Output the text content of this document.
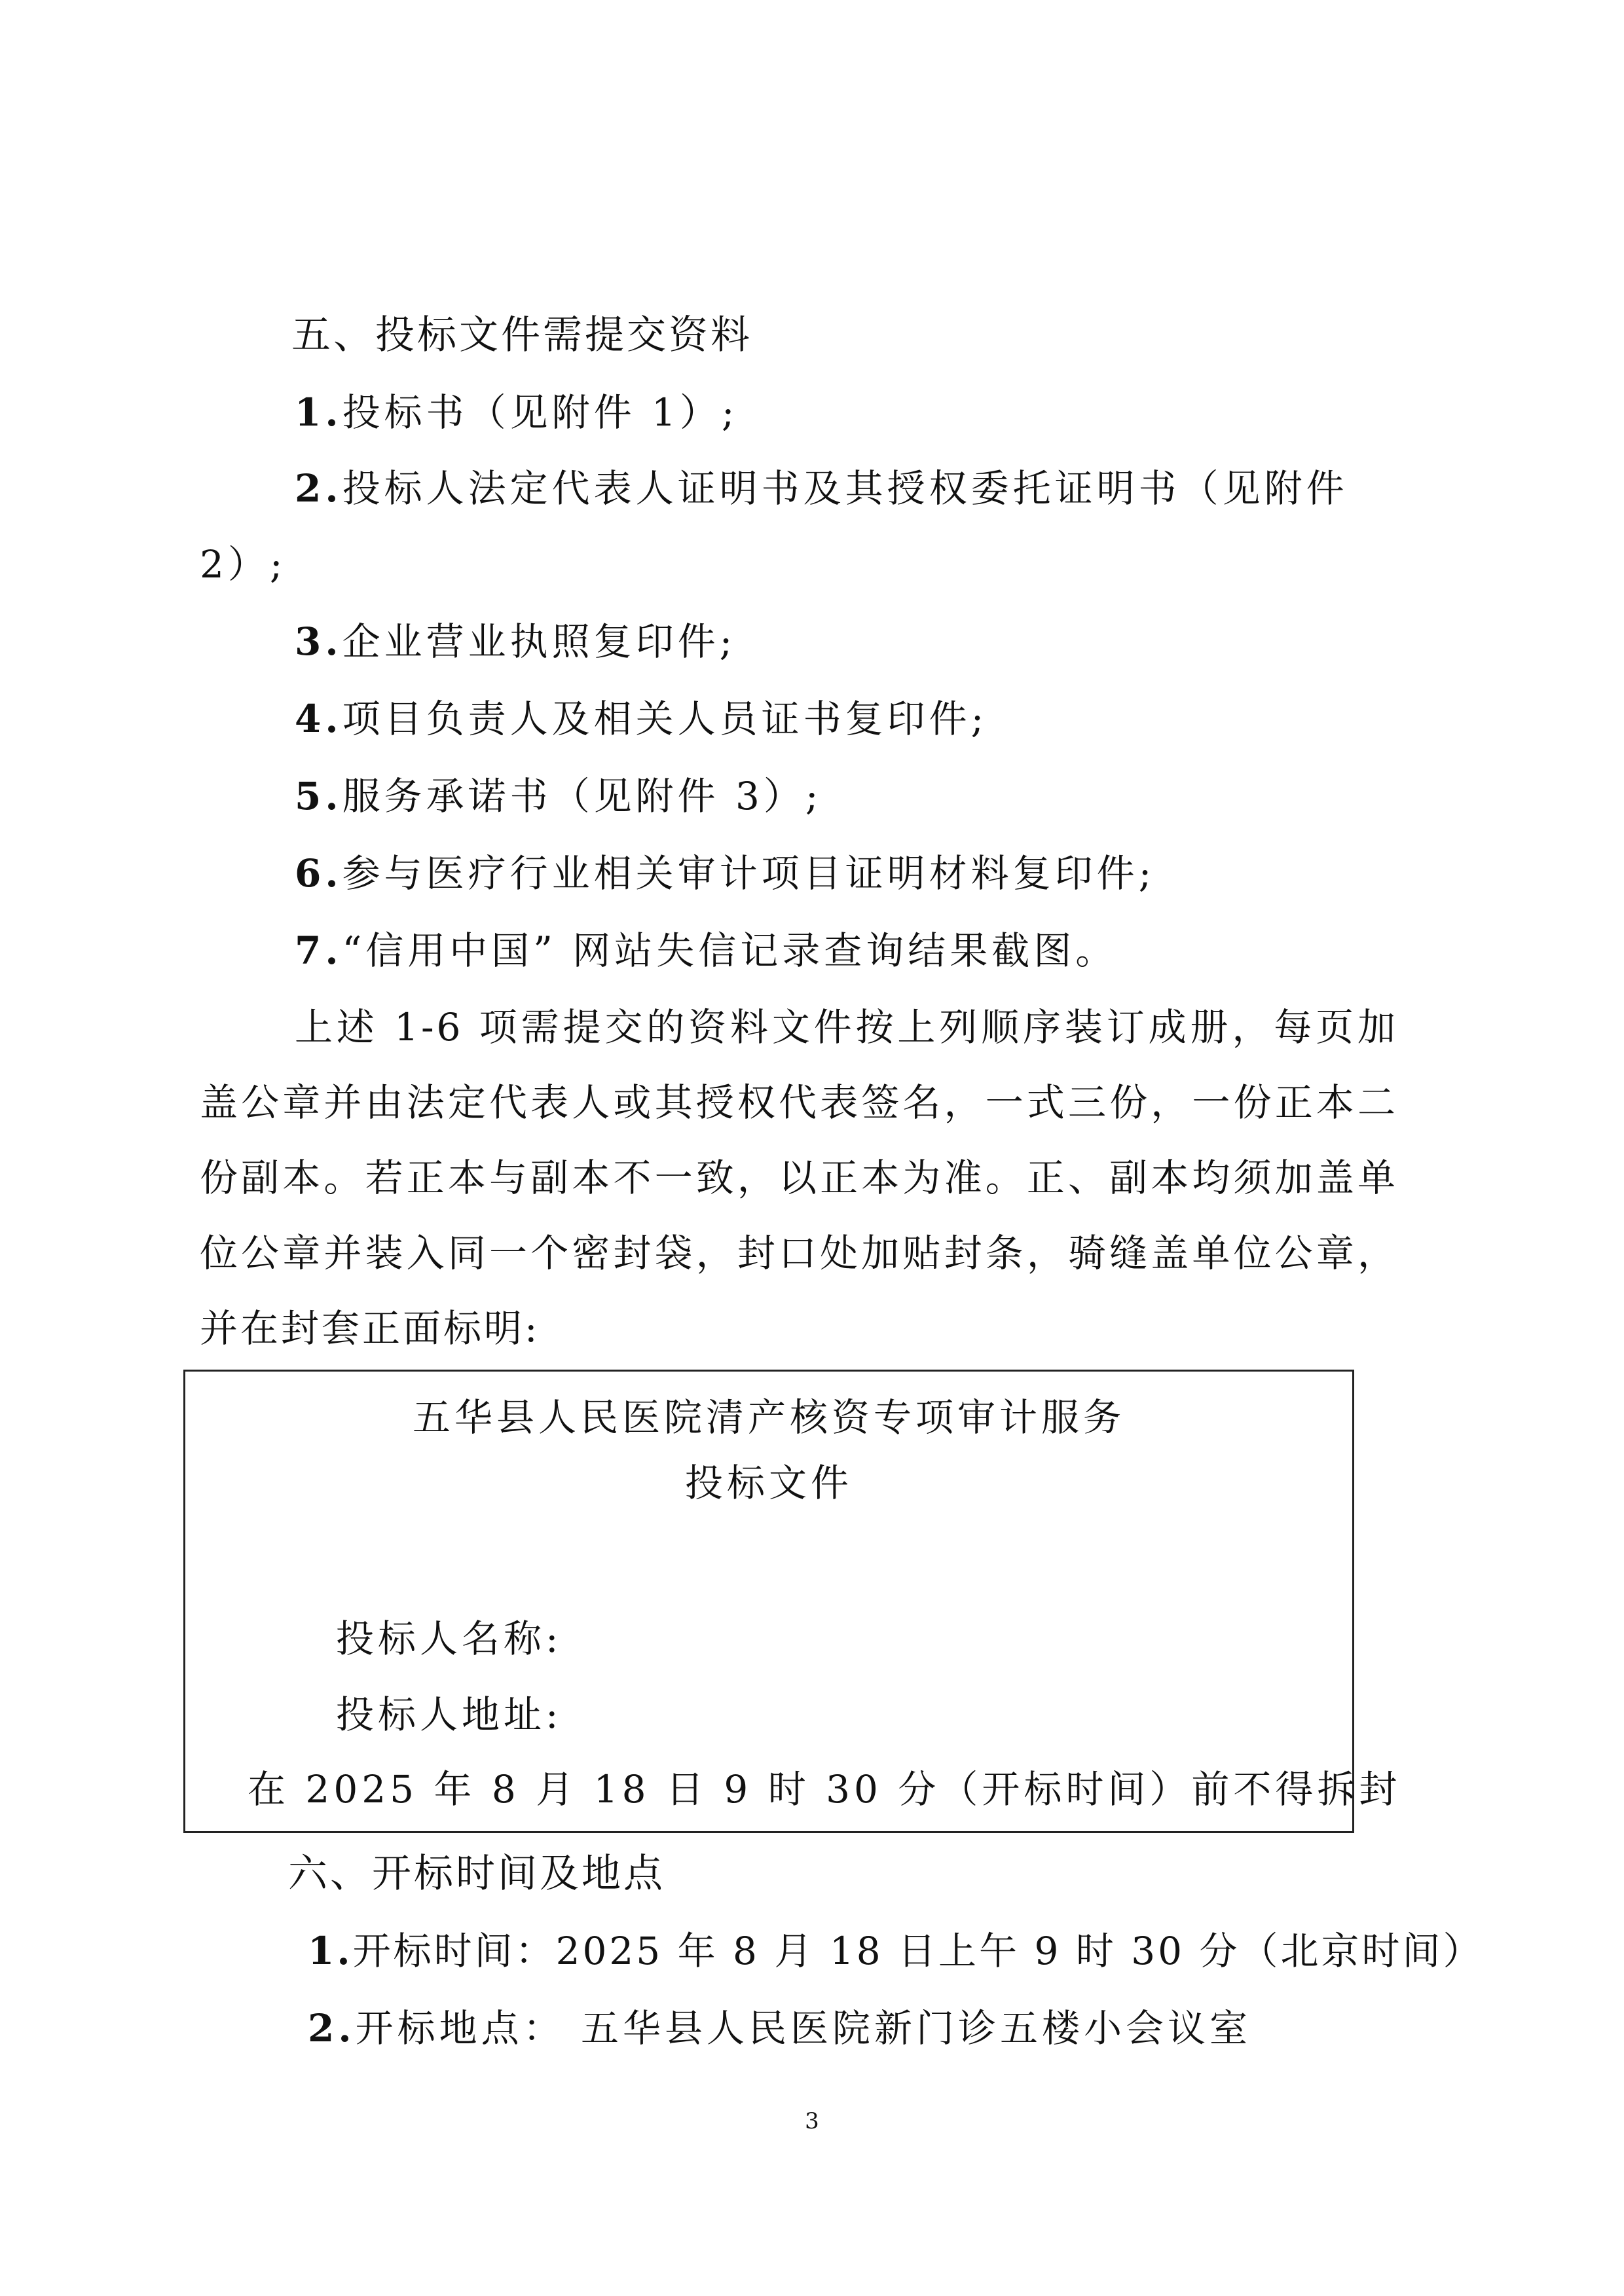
五、投标文件需提交资料
1.投标书（见附件 1）;
2.投标人法定代表人证明书及其授权委托证明书（见附件
2）;
3.企业营业执照复印件;
4.项目负责人及相关人员证书复印件;
5.服务承诺书（见附件 3）;
6.参与医疗行业相关审计项目证明材料复印件;
7.“信用中国” 网站失信记录查询结果截图。
上述 1-6 项需提交的资料文件按上列顺序装订成册，每页加盖公章并由法定代表人或其授权代表签名，一式三份，一份正本二份副本。若正本与副本不一致，以正本为准。正、副本均须加盖单位公章并装入同一个密封袋，封口处加贴封条，骑缝盖单位公章，并在封套正面标明:
五华县人民医院清产核资专项审计服务
投标文件
投标人名称:
投标人地址:
在 2025 年 8 月 18 日 9 时 30 分（开标时间）前不得拆封
六、开标时间及地点
1.开标时间：2025 年 8 月 18 日上午 9 时 30 分（北京时间）
2.开标地点： 五华县人民医院新门诊五楼小会议室
3
